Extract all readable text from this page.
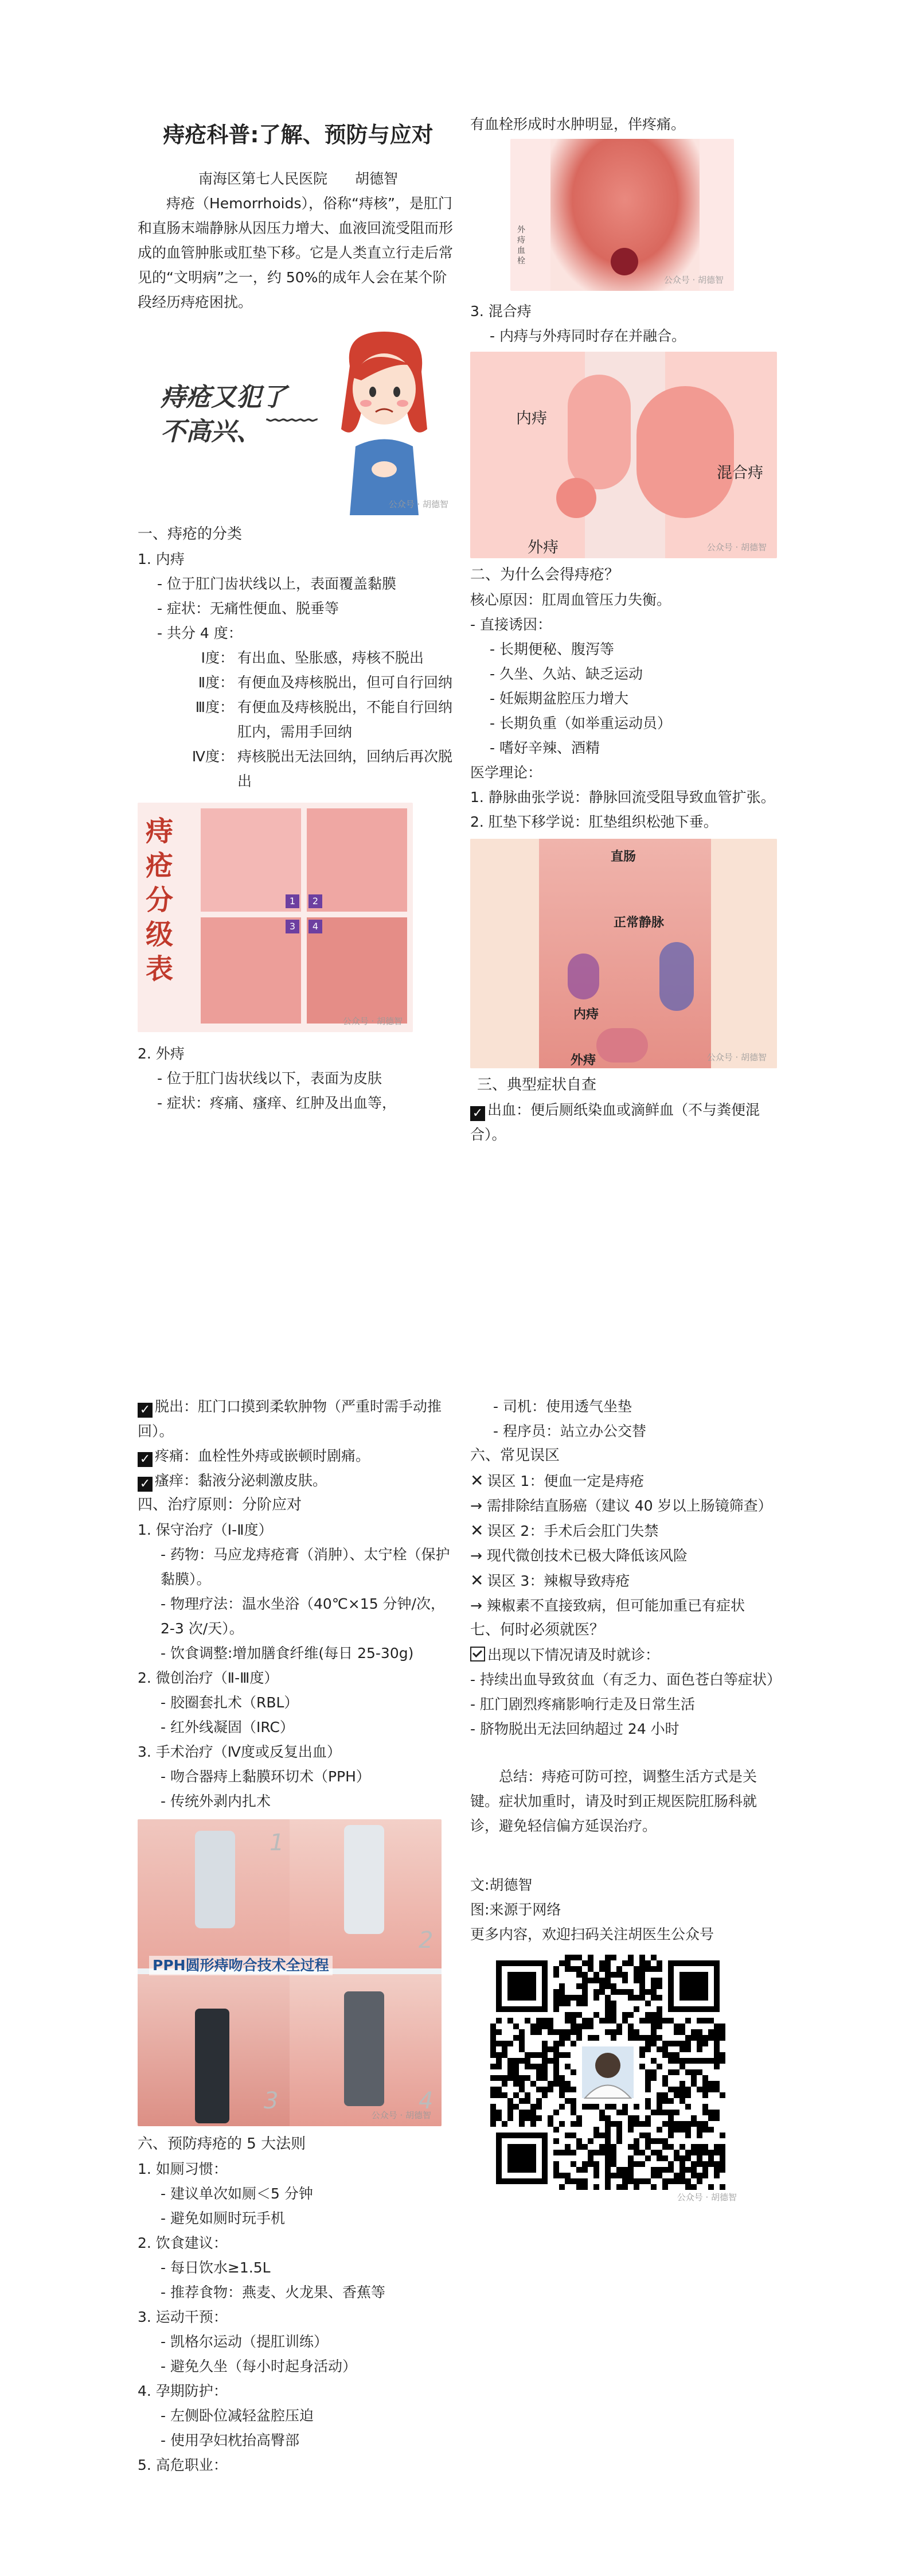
痔疮科普:了解、预防与应对
南海区第七人民医院 胡德智

痔疮（Hemorrhoids），俗称“痔核”，是肛门和直肠末端静脉从因压力增大、血液回流受阻而形成的血管肿胀或肛垫下移。它是人类直立行走后常见的“文明病”之一，约 50%的成年人会在某个阶段经历痔疮困扰。

痔疮又犯了
不高兴、﹋﹋
公众号 · 胡德智

一、痔疮的分类

1. 内痔

- 位于肛门齿状线以上，表面覆盖黏膜

- 症状：无痛性便血、脱垂等

- 共分 4 度：

Ⅰ度： 有出血、坠胀感，痔核不脱出
Ⅱ度： 有便血及痔核脱出，但可自行回纳
Ⅲ度： 有便血及痔核脱出，不能自行回纳肛内，需用手回纳
Ⅳ度： 痔核脱出无法回纳，回纳后再次脱出
痔疮分级表
1	2
3	4
公众号 · 胡德智

2. 外痔

- 位于肛门齿状线以下，表面为皮肤

- 症状：疼痛、瘙痒、红肿及出血等，

有血栓形成时水肿明显，伴疼痛。

外痔 血栓
公众号 · 胡德智

3. 混合痔

- 内痔与外痔同时存在并融合。

内痔
混合痔
外痔	公众号 · 胡德智

二、为什么会得痔疮？

核心原因：肛周血管压力失衡。

- 直接诱因：

- 长期便秘、腹泻等

- 久坐、久站、缺乏运动

- 妊娠期盆腔压力增大

- 长期负重（如举重运动员）

- 嗜好辛辣、酒精

医学理论：

1. 静脉曲张学说：静脉回流受阻导致血管扩张。

2. 肛垫下移学说：肛垫组织松弛下垂。

直肠
正常静脉
内痔
外痔	公众号 · 胡德智

三、典型症状自查

✓ 出血：便后厕纸染血或滴鲜血（不与粪便混合）。

✓ 脱出：肛门口摸到柔软肿物（严重时需手动推回）。

✓ 疼痛：血栓性外痔或嵌顿时剧痛。

✓ 瘙痒：黏液分泌刺激皮肤。

四、治疗原则：分阶应对

1. 保守治疗（Ⅰ-Ⅱ度）

- 药物：马应龙痔疮膏（消肿）、太宁栓（保护黏膜）。

- 物理疗法：温水坐浴（40℃×15 分钟/次，2-3 次/天）。

- 饮食调整:增加膳食纤维(每日 25-30g)

2. 微创治疗（Ⅱ-Ⅲ度）

- 胶圈套扎术（RBL）

- 红外线凝固（IRC）

3. 手术治疗（Ⅳ度或反复出血）

- 吻合器痔上黏膜环切术（PPH）

- 传统外剥内扎术

PPH圆形痔吻合技术全过程
1
2
3	4
公众号 · 胡德智

六、预防痔疮的 5 大法则

1. 如厕习惯：

- 建议单次如厕＜5 分钟

- 避免如厕时玩手机

2. 饮食建议：

- 每日饮水≥1.5L

- 推荐食物：燕麦、火龙果、香蕉等

3. 运动干预：

- 凯格尔运动（提肛训练）

- 避免久坐（每小时起身活动）

4. 孕期防护：

- 左侧卧位减轻盆腔压迫

- 使用孕妇枕抬高臀部

5. 高危职业：

- 司机：使用透气坐垫

- 程序员：站立办公交替

六、常见误区

✕ 误区 1：便血一定是痔疮

→ 需排除结直肠癌（建议 40 岁以上肠镜筛查）

✕ 误区 2：手术后会肛门失禁

→ 现代微创技术已极大降低该风险

✕ 误区 3：辣椒导致痔疮

→ 辣椒素不直接致病，但可能加重已有症状

七、何时必须就医？

出现以下情况请及时就诊：

- 持续出血导致贫血（有乏力、面色苍白等症状）

- 肛门剧烈疼痛影响行走及日常生活

- 脐物脱出无法回纳超过 24 小时

总结：痔疮可防可控，调整生活方式是关键。症状加重时，请及时到正规医院肛肠科就诊，避免轻信偏方延误治疗。

文:胡德智

图:来源于网络

更多内容，欢迎扫码关注胡医生公众号

公众号 · 胡德智
